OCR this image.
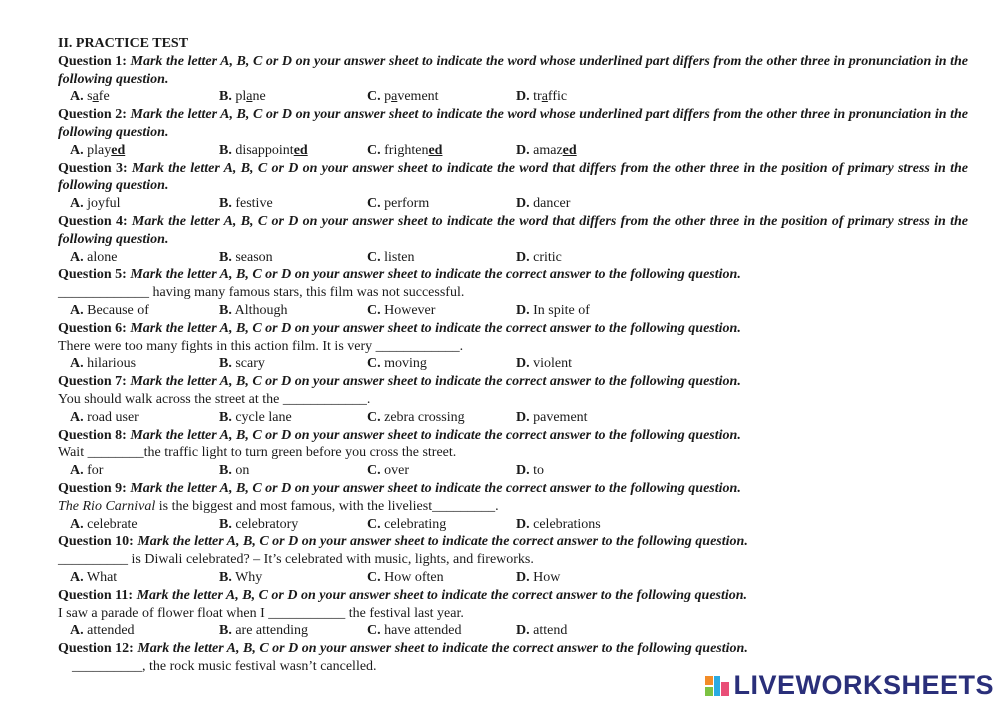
II. PRACTICE TEST
Question 1: Mark the letter A, B, C or D on your answer sheet to indicate the word whose underlined part differs from the other three in pronunciation in the following question.
A. safe	B. plane	C. pavement	D. traffic
Question 2: Mark the letter A, B, C or D on your answer sheet to indicate the word whose underlined part differs from the other three in pronunciation in the following question.
A. played	B. disappointed	C. frightened	D. amazed
Question 3: Mark the letter A, B, C or D on your answer sheet to indicate the word that differs from the other three in the position of primary stress in the following question.
A. joyful	B. festive	C. perform	D. dancer
Question 4: Mark the letter A, B, C or D on your answer sheet to indicate the word that differs from the other three in the position of primary stress in the following question.
A. alone	B. season	C. listen	D. critic
Question 5: Mark the letter A, B, C or D on your answer sheet to indicate the correct answer to the following question.
_____________ having many famous stars, this film was not successful.
A. Because of	B. Although	C. However	D. In spite of
Question 6: Mark the letter A, B, C or D on your answer sheet to indicate the correct answer to the following question.
There were too many fights in this action film. It is very ____________.
A. hilarious	B. scary	C. moving	D. violent
Question 7: Mark the letter A, B, C or D on your answer sheet to indicate the correct answer to the following question.
You should walk across the street at the ____________.
A. road user	B. cycle lane	C. zebra crossing	D. pavement
Question 8: Mark the letter A, B, C or D on your answer sheet to indicate the correct answer to the following question.
Wait ________the traffic light to turn green before you cross the street.
A. for	B. on	C. over	D. to
Question 9: Mark the letter A, B, C or D on your answer sheet to indicate the correct answer to the following question.
The Rio Carnival is the biggest and most famous, with the liveliest_________.
A. celebrate	B. celebratory	C. celebrating	D. celebrations
Question 10: Mark the letter A, B, C or D on your answer sheet to indicate the correct answer to the following question.
__________ is Diwali celebrated? – It’s celebrated with music, lights, and fireworks.
A. What	B. Why	C. How often	D. How
Question 11: Mark the letter A, B, C or D on your answer sheet to indicate the correct answer to the following question.
I saw a parade of flower float when I ___________ the festival last year.
A. attended	B. are attending	C. have attended	D. attend
Question 12: Mark the letter A, B, C or D on your answer sheet to indicate the correct answer to the following question.
__________, the rock music festival wasn’t cancelled.
LIVEWORKSHEETS
